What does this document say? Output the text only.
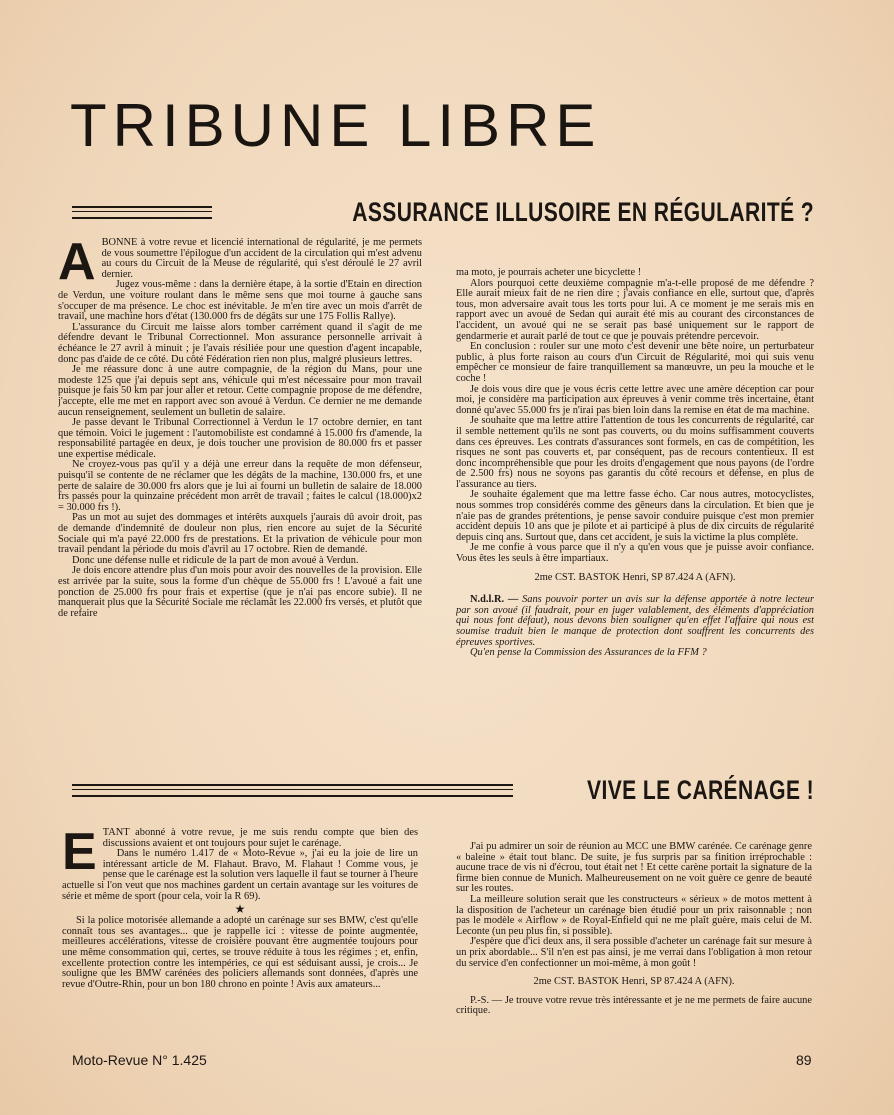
TRIBUNE LIBRE
ASSURANCE ILLUSOIRE EN RÉGULARITÉ ?
A BONNE à votre revue et licencié international de régularité, je me permets de vous soumettre l'épilogue d'un accident de la circulation qui m'est advenu au cours du Circuit de la Meuse de régularité, qui s'est déroulé le 27 avril dernier.

Jugez vous-même : dans la dernière étape, à la sortie d'Etain en direction de Verdun, une voiture roulant dans le même sens que moi tourne à gauche sans s'occuper de ma présence. Le choc est inévitable. Je m'en tire avec un mois d'arrêt de travail, une machine hors d'état (130.000 frs de dégâts sur une 175 Follis Rallye).

L'assurance du Circuit me laisse alors tomber carrément quand il s'agit de me défendre devant le Tribunal Correctionnel. Mon assurance personnelle arrivait à échéance le 27 avril à minuit ; je l'avais résiliée pour une question d'agent incapable, donc pas d'aide de ce côté. Du côté Fédération rien non plus, malgré plusieurs lettres.

Je me réassure donc à une autre compagnie, de la région du Mans, pour une modeste 125 que j'ai depuis sept ans, véhicule qui m'est nécessaire pour mon travail puisque je fais 50 km par jour aller et retour. Cette compagnie propose de me défendre, j'accepte, elle me met en rapport avec son avoué à Verdun. Ce dernier ne me demande aucun renseignement, seulement un bulletin de salaire.

Je passe devant le Tribunal Correctionnel à Verdun le 17 octobre dernier, en tant que témoin. Voici le jugement : l'automobiliste est condamné à 15.000 frs d'amende, la responsabilité partagée en deux, je dois toucher une provision de 80.000 frs et passer une expertise médicale.

Ne croyez-vous pas qu'il y a déjà une erreur dans la requête de mon défenseur, puisqu'il se contente de ne réclamer que les dégâts de la machine, 130.000 frs, et une perte de salaire de 30.000 frs alors que je lui ai fourni un bulletin de salaire de 18.000 frs passés pour la quinzaine précédent mon arrêt de travail ; faites le calcul (18.000)x2 = 30.000 frs !).

Pas un mot au sujet des dommages et intérêts auxquels j'aurais dû avoir droit, pas de demande d'indemnité de douleur non plus, rien encore au sujet de la Sécurité Sociale qui m'a payé 22.000 frs de prestations. Et la privation de véhicule pour mon travail pendant la période du mois d'avril au 17 octobre. Rien de demandé.

Donc une défense nulle et ridicule de la part de mon avoué à Verdun.

Je dois encore attendre plus d'un mois pour avoir des nouvelles de la provision. Elle est arrivée par la suite, sous la forme d'un chèque de 55.000 frs ! L'avoué a fait une ponction de 25.000 frs pour frais et expertise (que je n'ai pas encore subie). Il ne manquerait plus que la Sécurité Sociale me réclamât les 22.000 frs versés, et plutôt que de refaire

ma moto, je pourrais acheter une bicyclette !

Alors pourquoi cette deuxième compagnie m'a-t-elle proposé de me défendre ? Elle aurait mieux fait de ne rien dire ; j'avais confiance en elle, surtout que, d'après tous, mon adversaire avait tous les torts pour lui. A ce moment je me serais mis en rapport avec un avoué de Sedan qui aurait été mis au courant des circonstances de l'accident, un avoué qui ne se serait pas basé uniquement sur le rapport de gendarmerie et aurait parlé de tout ce que je pouvais prétendre percevoir.

En conclusion : rouler sur une moto c'est devenir une bête noire, un perturbateur public, à plus forte raison au cours d'un Circuit de Régularité, moi qui suis venu empêcher ce monsieur de faire tranquillement sa manœuvre, un peu la mouche et le coche !

Je dois vous dire que je vous écris cette lettre avec une amère déception car pour moi, je considère ma participation aux épreuves à venir comme très incertaine, étant donné qu'avec 55.000 frs je n'irai pas bien loin dans la remise en état de ma machine.

Je souhaite que ma lettre attire l'attention de tous les concurrents de régularité, car il semble nettement qu'ils ne sont pas couverts, ou du moins suffisamment couverts dans ces épreuves. Les contrats d'assurances sont formels, en cas de compétition, les risques ne sont pas couverts et, par conséquent, pas de recours contentieux. Il est donc incompréhensible que pour les droits d'engagement que nous payons (de l'ordre de 2.500 frs) nous ne soyons pas garantis du côté recours et défense, en plus de l'assurance au tiers.

Je souhaite également que ma lettre fasse écho. Car nous autres, motocyclistes, nous sommes trop considérés comme des gêneurs dans la circulation. Et bien que je n'aie pas de grandes prétentions, je pense savoir conduire puisque c'est mon premier accident depuis 10 ans que je pilote et ai participé à plus de dix circuits de régularité depuis cinq ans. Surtout que, dans cet accident, je suis la victime la plus complète.

Je me confie à vous parce que il n'y a qu'en vous que je puisse avoir confiance. Vous êtes les seuls à être impartiaux.

2me CST. BASTOK Henri, SP 87.424 A (AFN).

N.d.l.R. — Sans pouvoir porter un avis sur la défense apportée à notre lecteur par son avoué (il faudrait, pour en juger valablement, des éléments d'appréciation qui nous font défaut), nous devons bien souligner qu'en effet l'affaire qui nous est soumise traduit bien le manque de protection dont souffrent les concurrents des épreuves sportives.

Qu'en pense la Commission des Assurances de la FFM ?

VIVE LE CARÉNAGE !
E TANT abonné à votre revue, je me suis rendu compte que bien des discussions avaient et ont toujours pour sujet le carénage.

Dans le numéro 1.417 de « Moto-Revue », j'ai eu la joie de lire un intéressant article de M. Flahaut. Bravo, M. Flahaut ! Comme vous, je pense que le carénage est la solution vers laquelle il faut se tourner à l'heure actuelle si l'on veut que nos machines gardent un certain avantage sur les voitures de série et même de sport (pour cela, voir la R 69).

★

Si la police motorisée allemande a adopté un carénage sur ses BMW, c'est qu'elle connaît tous ses avantages... que je rappelle ici : vitesse de pointe augmentée, meilleures accélérations, vitesse de croisière pouvant être augmentée toujours pour une même consommation qui, certes, se trouve réduite à tous les régimes ; et, enfin, excellente protection contre les intempéries, ce qui est séduisant aussi, je crois... Je souligne que les BMW carénées des policiers allemands sont données, d'après une revue d'Outre-Rhin, pour un bon 180 chrono en pointe ! Avis aux amateurs...

J'ai pu admirer un soir de réunion au MCC une BMW carénée. Ce carénage genre « baleine » était tout blanc. De suite, je fus surpris par sa finition irréprochable : aucune trace de vis ni d'écrou, tout était net ! Et cette carène portait la signature de la firme bien connue de Munich. Malheureusement on ne voit guère ce genre de beauté sur les routes.

La meilleure solution serait que les constructeurs « sérieux » de motos mettent à la disposition de l'acheteur un carénage bien étudié pour un prix raisonnable ; non pas le modèle « Airflow » de Royal-Enfield qui ne me plaît guère, mais celui de M. Leconte (un peu plus fin, si possible).

J'espère que d'ici deux ans, il sera possible d'acheter un carénage fait sur mesure à un prix abordable... S'il n'en est pas ainsi, je me verrai dans l'obligation à mon retour du service d'en confectionner un moi-même, à mon goût !

2me CST. BASTOK Henri, SP 87.424 A (AFN).

P.-S. — Je trouve votre revue très intéressante et je ne me permets de faire aucune critique.

Moto-Revue N° 1.425	89
